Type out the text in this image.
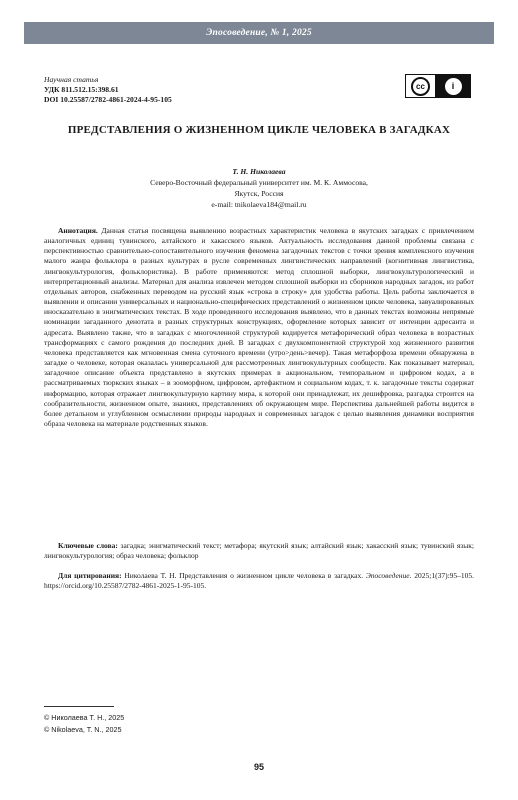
Эпосоведение, № 1, 2025
Научная статья
УДК 811.512.15:398.61
DOI 10.25587/2782-4861-2024-4-95-105
cc	i
ПРЕДСТАВЛЕНИЯ О ЖИЗНЕННОМ ЦИКЛЕ ЧЕЛОВЕКА В ЗАГАДКАХ
Т. Н. Николаева
Северо-Восточный федеральный университет им. М. К. Аммосова,
Якутск, Россия
e-mail: tnikolaeva184@mail.ru

Аннотация. Данная статья посвящена выявлению возрастных характеристик человека в якутских загадках с привлечением аналогичных единиц тувинского, алтайского и хакасского языков. Актуальность исследования данной проблемы связана с перспективностью сравнительно-сопоставительного изучения феномена загадочных текстов с точки зрения комплексного изучения малого жанра фольклора в разных культурах в русле современных лингвистических направлений (когнитивная лингвистика, лингвокультурология, фольклористика). В работе применяются: метод сплошной выборки, лингвокультурологический и интерпретационный анализы. Материал для анализа извлечен методом сплошной выборки из сборников народных загадок, из работ отдельных авторов, снабженных переводом на русский язык «строка в строку» для удобства работы. Цель работы заключается в выявлении и описании универсальных и национально-специфических представлений о жизненном цикле человека, завуалированных иносказательно в энигматических текстах. В ходе проведенного исследования выявлено, что в данных текстах возможны непрямые номинации загаданного денотата в разных структурных конструкциях, оформление которых зависит от интенции адресанта и адресата. Выявлено также, что в загадках с многочленной структурой кодируется метафорический образ человека в возрастных трансформациях с самого рождения до последних дней. В загадках с двухкомпонентной структурой ход жизненного развития человека представляется как мгновенная смена суточного времени (утро>день>вечер). Такая метафорфоза времени обнаружена в загадке о человеке, которая оказалась универсальной для рассмотренных лингвокультурных сообществ. Как показывает материал, загадочное описание объекта представлено в якутских примерах в акциональном, темпоральном и цифровом кодах, а в рассматриваемых тюркских языках – в зооморфном, цифровом, артефактном и социальном кодах, т. к. загадочные тексты содержат информацию, которая отражает лингвокультурную картину мира, к которой они принадлежат, их дешифровка, разгадка строится на сообразительности, жизненном опыте, знаниях, представлениях об окружающем мире. Перспектива дальнейшей работы видится в более детальном и углубленном осмыслении природы народных и современных загадок с целью выявления динамики восприятия образа человека на материале родственных языков.

Ключевые слова: загадка; энигматический текст; метафора; якутский язык; алтайский язык; хакасский язык; тувинский язык; лингвокультурология; образ человека; фольклор

Для цитирования: Николаева Т. Н. Представления о жизненном цикле человека в загадках. Эпосоведение. 2025;1(37):95–105. https://orcid.org/10.25587/2782-4861-2025-1-95-105.

© Николаева Т. Н., 2025
© Nikolaeva, T. N., 2025
95
